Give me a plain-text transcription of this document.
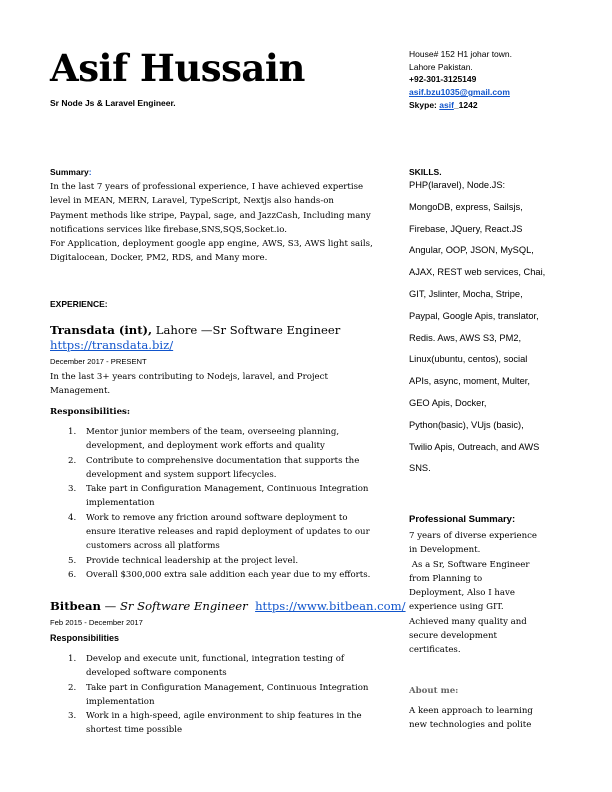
Asif Hussain
Sr Node Js & Laravel Engineer.
House# 152 H1 johar town.
Lahore Pakistan.
+92-301-3125149
asif.bzu1035@gmail.com
Skype: asif_1242
Summary:

In the last 7 years of professional experience, I have achieved expertise

level in MEAN, MERN, Laravel, TypeScript, Nextjs also hands-on

Payment methods like stripe, Paypal, sage, and JazzCash, Including many

notifications services like firebase,SNS,SQS,Socket.io.

For Application, deployment google app engine, AWS, S3, AWS light sails,

Digitalocean, Docker, PM2, RDS, and Many more.

EXPERIENCE:
Transdata (int), Lahore —Sr Software Engineer
https://transdata.biz/
December 2017 - PRESENT
In the last 3+ years contributing to Nodejs, laravel, and Project
Management.
Responsibilities:
1. Mentor junior members of the team, overseeing planning,
development, and deployment work efforts and quality
2. Contribute to comprehensive documentation that supports the
development and system support lifecycles.
3. Take part in Configuration Management, Continuous Integration
implementation
4. Work to remove any friction around software deployment to
ensure iterative releases and rapid deployment of updates to our
customers across all platforms
5. Provide technical leadership at the project level.
6. Overall $300,000 extra sale addition each year due to my efforts.
Bitbean — Sr Software Engineer https://www.bitbean.com/
Feb 2015 - December 2017
Responsibilities
1. Develop and execute unit, functional, integration testing of
developed software components
2. Take part in Configuration Management, Continuous Integration
implementation
3. Work in a high-speed, agile environment to ship features in the
shortest time possible
SKILLS.
PHP(laravel), Node.JS:
MongoDB, express, Sailsjs,
Firebase, JQuery, React.JS
Angular, OOP, JSON, MySQL,
AJAX, REST web services, Chai,
GIT, Jslinter, Mocha, Stripe,
Paypal, Google Apis, translator,
Redis. Aws, AWS S3, PM2,
Linux(ubuntu, centos), social
APIs, async, moment, Multer,
GEO Apis, Docker,
Python(basic), VUjs (basic),
Twilio Apis, Outreach, and AWS
SNS.
Professional Summary:
7 years of diverse experience
in Development.
As a Sr, Software Engineer
from Planning to
Deployment, Also I have
experience using GIT.
Achieved many quality and
secure development
certificates.
About me:
A keen approach to learning
new technologies and polite
